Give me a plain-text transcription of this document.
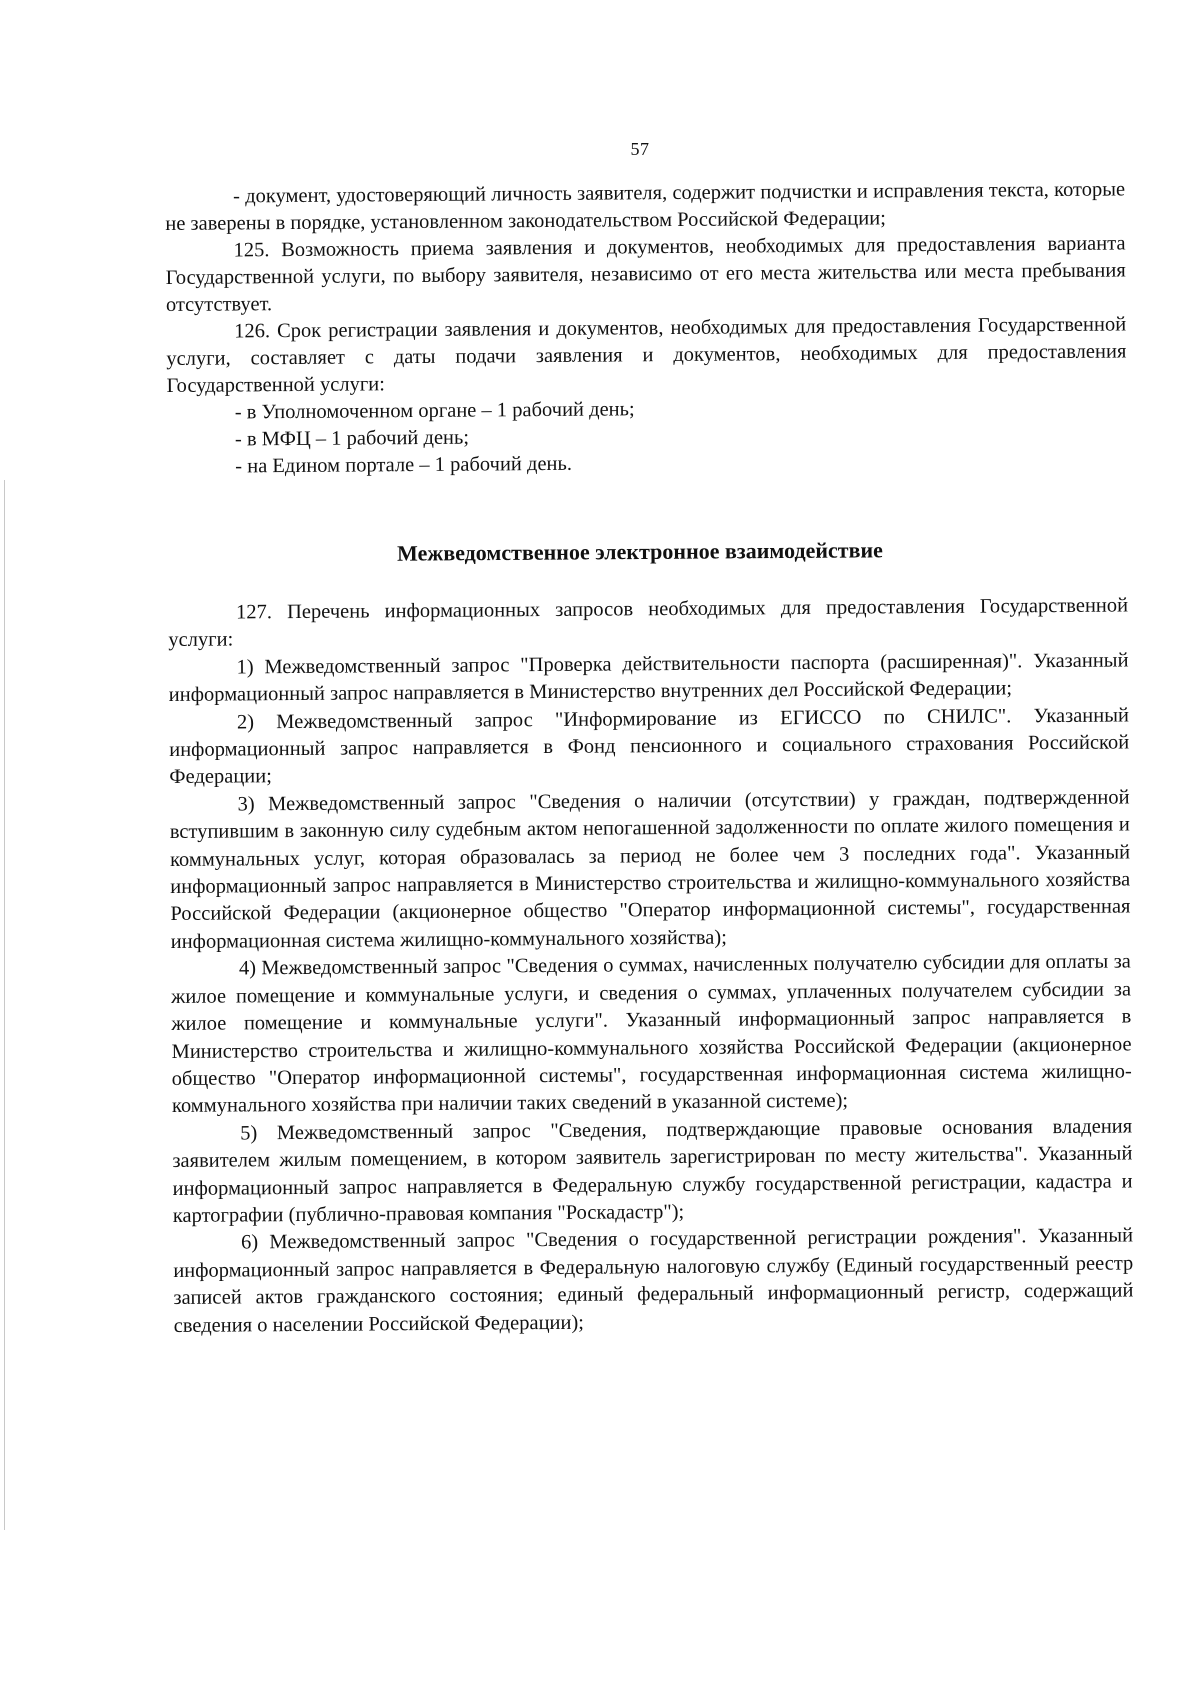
57

- документ, удостоверяющий личность заявителя, содержит подчистки и исправления текста, которые не заверены в порядке, установленном законодательством Российской Федерации;

125. Возможность приема заявления и документов, необходимых для предоставления варианта Государственной услуги, по выбору заявителя, независимо от его места жительства или места пребывания отсутствует.

126. Срок регистрации заявления и документов, необходимых для предоставления Государственной услуги, составляет с даты подачи заявления и документов, необходимых для предоставления Государственной услуги:

- в Уполномоченном органе – 1 рабочий день;

- в МФЦ – 1 рабочий день;

- на Едином портале – 1 рабочий день.

Межведомственное электронное взаимодействие

127. Перечень информационных запросов необходимых для предоставления Государственной услуги:

1) Межведомственный запрос "Проверка действительности паспорта (расширенная)". Указанный информационный запрос направляется в Министерство внутренних дел Российской Федерации;

2) Межведомственный запрос "Информирование из ЕГИССО по СНИЛС". Указанный информационный запрос направляется в Фонд пенсионного и социального страхования Российской Федерации;

3) Межведомственный запрос "Сведения о наличии (отсутствии) у граждан, подтвержденной вступившим в законную силу судебным актом непогашенной задолженности по оплате жилого помещения и коммунальных услуг, которая образовалась за период не более чем 3 последних года". Указанный информационный запрос направляется в Министерство строительства и жилищно-коммунального хозяйства Российской Федерации (акционерное общество "Оператор информационной системы", государственная информационная система жилищно-коммунального хозяйства);

4) Межведомственный запрос "Сведения о суммах, начисленных получателю субсидии для оплаты за жилое помещение и коммунальные услуги, и сведения о суммах, уплаченных получателем субсидии за жилое помещение и коммунальные услуги". Указанный информационный запрос направляется в Министерство строительства и жилищно-коммунального хозяйства Российской Федерации (акционерное общество "Оператор информационной системы", государственная информационная система жилищно-коммунального хозяйства при наличии таких сведений в указанной системе);

5) Межведомственный запрос "Сведения, подтверждающие правовые основания владения заявителем жилым помещением, в котором заявитель зарегистрирован по месту жительства". Указанный информационный запрос направляется в Федеральную службу государственной регистрации, кадастра и картографии (публично-правовая компания "Роскадастр");

6) Межведомственный запрос "Сведения о государственной регистрации рождения". Указанный информационный запрос направляется в Федеральную налоговую службу (Единый государственный реестр записей актов гражданского состояния; единый федеральный информационный регистр, содержащий сведения о населении Российской Федерации);
